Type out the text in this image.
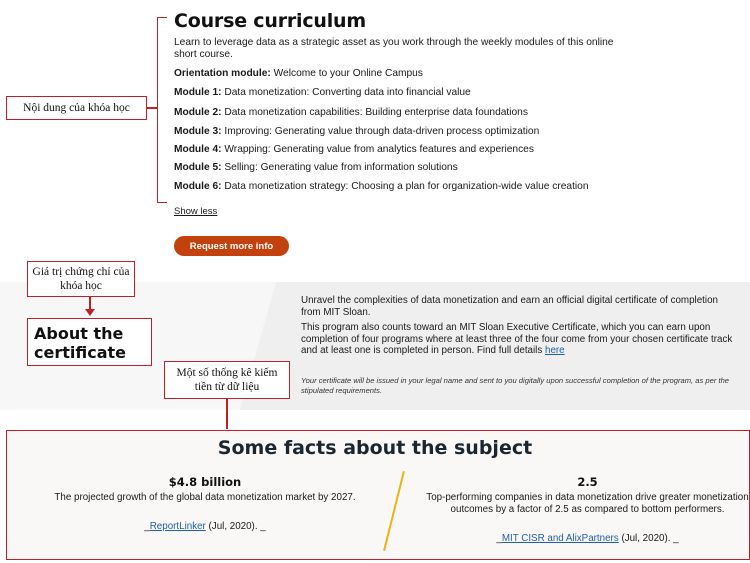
Course curriculum

Learn to leverage data as a strategic asset as you work through the weekly modules of this online short course.

Orientation module: Welcome to your Online Campus
Module 1: Data monetization: Converting data into financial value
Module 2: Data monetization capabilities: Building enterprise data foundations
Module 3: Improving: Generating value through data-driven process optimization
Module 4: Wrapping: Generating value from analytics features and experiences
Module 5: Selling: Generating value from information solutions
Module 6: Data monetization strategy: Choosing a plan for organization-wide value creation
Show less
Request more info
Nội dung của khóa học
Giá trị chứng chỉ của khóa học
About the certificate

Unravel the complexities of data monetization and earn an official digital certificate of completion from MIT Sloan.

This program also counts toward an MIT Sloan Executive Certificate, which you can earn upon completion of four programs where at least three of the four come from your chosen certificate track and at least one is completed in person. Find full details here

Your certificate will be issued in your legal name and sent to you digitally upon successful completion of the program, as per the stipulated requirements.

Một số thống kê kiếm tiền từ dữ liệu
Some facts about the subject
$4.8 billion
The projected growth of the global data monetization market by 2027.
_ReportLinker (Jul, 2020). _
2.5
Top-performing companies in data monetization drive greater monetization outcomes by a factor of 2.5 as compared to bottom performers.
_MIT CISR and AlixPartners (Jul, 2020). _
